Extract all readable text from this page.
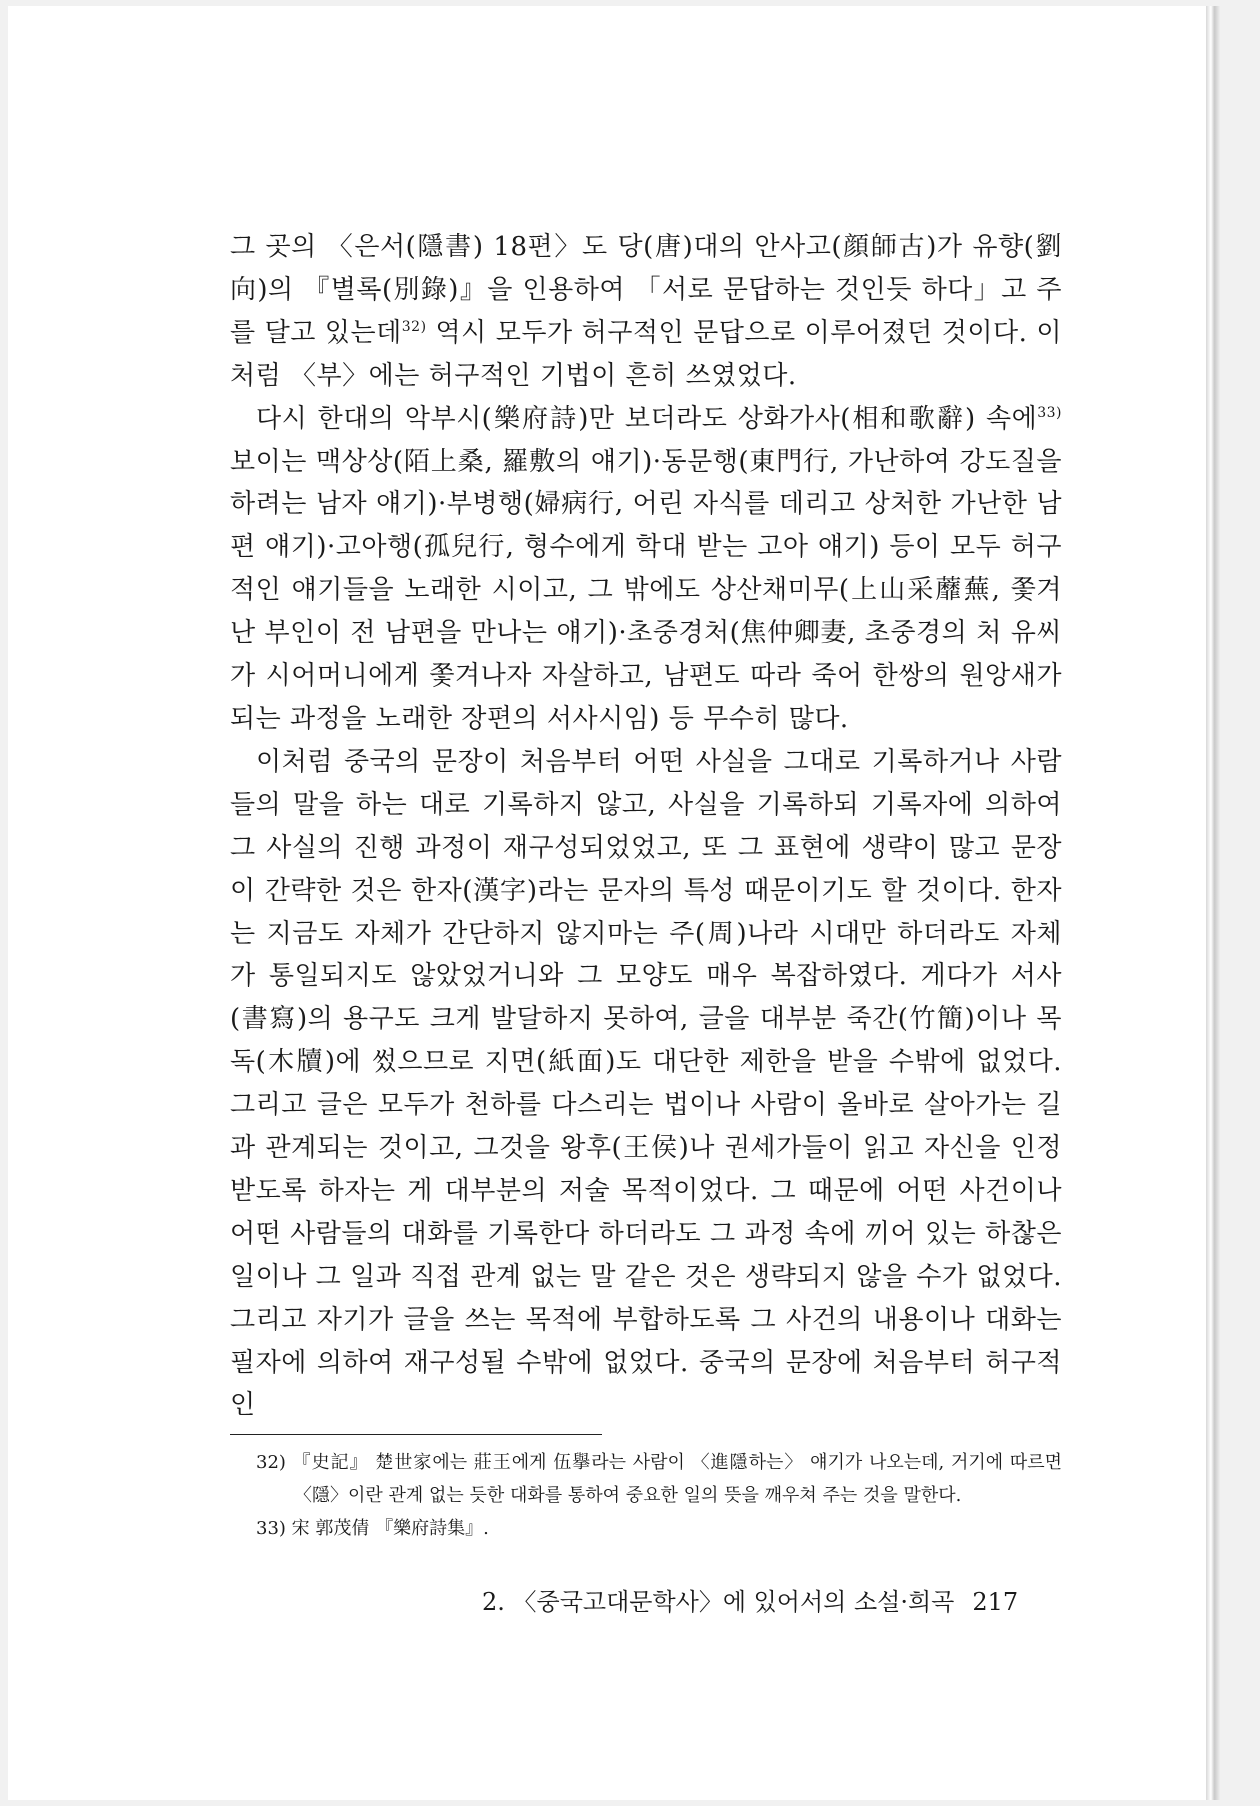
그 곳의 〈은서(隱書) 18편〉도 당(唐)대의 안사고(顔師古)가 유향(劉向)의 『별록(別錄)』을 인용하여 「서로 문답하는 것인듯 하다」고 주를 달고 있는데$^{32)}$ 역시 모두가 허구적인 문답으로 이루어졌던 것이다. 이처럼 〈부〉에는 허구적인 기법이 흔히 쓰였었다.

다시 한대의 악부시(樂府詩)만 보더라도 상화가사(相和歌辭) 속에$^{33)}$ 보이는 맥상상(陌上桑, 羅敷의 얘기)·동문행(東門行, 가난하여 강도질을 하려는 남자 얘기)·부병행(婦病行, 어린 자식를 데리고 상처한 가난한 남편 얘기)·고아행(孤兒行, 형수에게 학대 받는 고아 얘기) 등이 모두 허구적인 얘기들을 노래한 시이고, 그 밖에도 상산채미무(上山采蘼蕪, 쫓겨난 부인이 전 남편을 만나는 얘기)·초중경처(焦仲卿妻, 초중경의 처 유씨가 시어머니에게 쫓겨나자 자살하고, 남편도 따라 죽어 한쌍의 원앙새가 되는 과정을 노래한 장편의 서사시임) 등 무수히 많다.

이처럼 중국의 문장이 처음부터 어떤 사실을 그대로 기록하거나 사람들의 말을 하는 대로 기록하지 않고, 사실을 기록하되 기록자에 의하여 그 사실의 진행 과정이 재구성되었었고, 또 그 표현에 생략이 많고 문장이 간략한 것은 한자(漢字)라는 문자의 특성 때문이기도 할 것이다. 한자는 지금도 자체가 간단하지 않지마는 주(周)나라 시대만 하더라도 자체가 통일되지도 않았었거니와 그 모양도 매우 복잡하였다. 게다가 서사(書寫)의 용구도 크게 발달하지 못하여, 글을 대부분 죽간(竹簡)이나 목독(木牘)에 썼으므로 지면(紙面)도 대단한 제한을 받을 수밖에 없었다. 그리고 글은 모두가 천하를 다스리는 법이나 사람이 올바로 살아가는 길과 관계되는 것이고, 그것을 왕후(王侯)나 권세가들이 읽고 자신을 인정받도록 하자는 게 대부분의 저술 목적이었다. 그 때문에 어떤 사건이나 어떤 사람들의 대화를 기록한다 하더라도 그 과정 속에 끼어 있는 하찮은 일이나 그 일과 직접 관계 없는 말 같은 것은 생략되지 않을 수가 없었다. 그리고 자기가 글을 쓰는 목적에 부합하도록 그 사건의 내용이나 대화는 필자에 의하여 재구성될 수밖에 없었다. 중국의 문장에 처음부터 허구적인

32) 『史記』 楚世家에는 莊王에게 伍擧라는 사람이 〈進隱하는〉 얘기가 나오는데, 거기에 따르면 〈隱〉이란 관계 없는 듯한 대화를 통하여 중요한 일의 뜻을 깨우쳐 주는 것을 말한다.

33) 宋 郭茂倩 『樂府詩集』.

2. 〈중국고대문학사〉에 있어서의 소설·희곡 217
